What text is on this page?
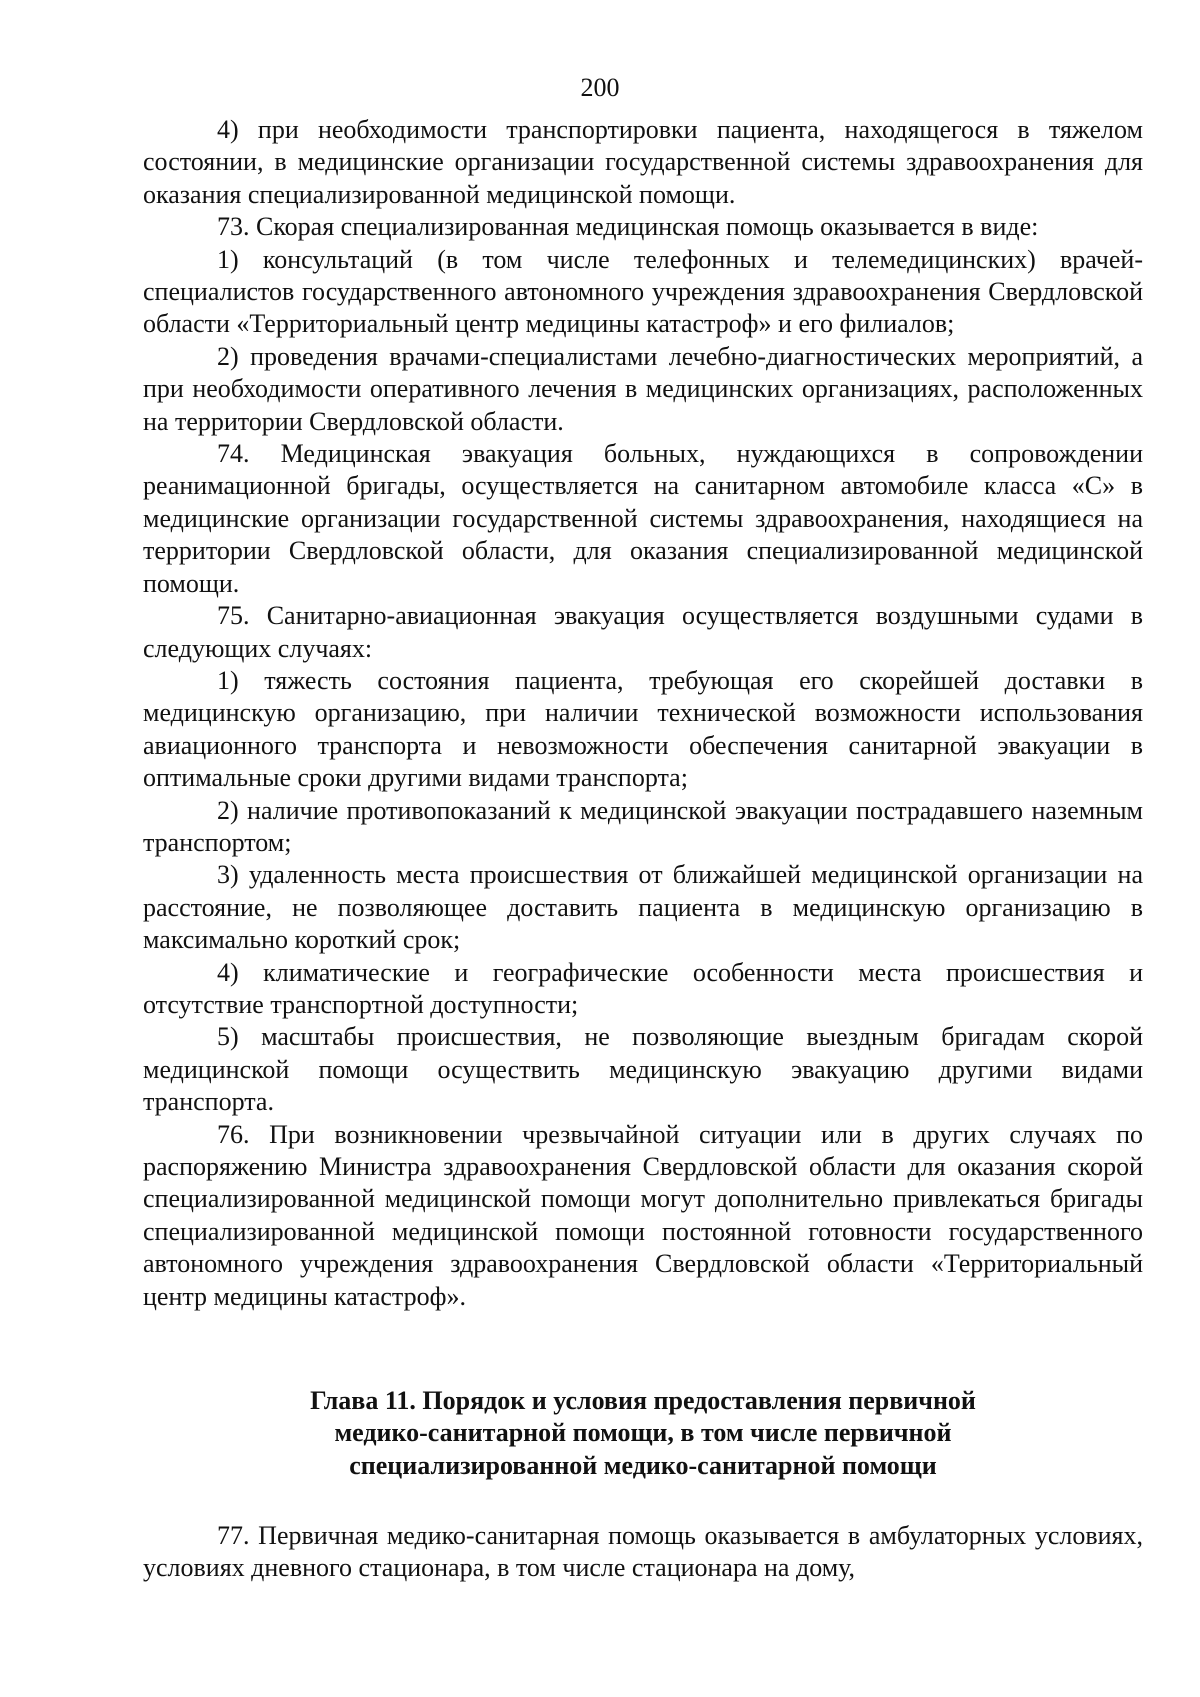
200

4) при необходимости транспортировки пациента, находящегося в тяжелом состоянии, в медицинские организации государственной системы здравоохранения для оказания специализированной медицинской помощи.

73. Скорая специализированная медицинская помощь оказывается в виде:

1) консультаций (в том числе телефонных и телемедицинских) врачей-специалистов государственного автономного учреждения здравоохранения Свердловской области «Территориальный центр медицины катастроф» и его филиалов;

2) проведения врачами-специалистами лечебно-диагностических мероприятий, а при необходимости оперативного лечения в медицинских организациях, расположенных на территории Свердловской области.

74. Медицинская эвакуация больных, нуждающихся в сопровождении реанимационной бригады, осуществляется на санитарном автомобиле класса «С» в медицинские организации государственной системы здравоохранения, находящиеся на территории Свердловской области, для оказания специализированной медицинской помощи.

75. Санитарно-авиационная эвакуация осуществляется воздушными судами в следующих случаях:

1) тяжесть состояния пациента, требующая его скорейшей доставки в медицинскую организацию, при наличии технической возможности использования авиационного транспорта и невозможности обеспечения санитарной эвакуации в оптимальные сроки другими видами транспорта;

2) наличие противопоказаний к медицинской эвакуации пострадавшего наземным транспортом;

3) удаленность места происшествия от ближайшей медицинской организации на расстояние, не позволяющее доставить пациента в медицинскую организацию в максимально короткий срок;

4) климатические и географические особенности места происшествия и отсутствие транспортной доступности;

5) масштабы происшествия, не позволяющие выездным бригадам скорой медицинской помощи осуществить медицинскую эвакуацию другими видами транспорта.

76. При возникновении чрезвычайной ситуации или в других случаях по распоряжению Министра здравоохранения Свердловской области для оказания скорой специализированной медицинской помощи могут дополнительно привлекаться бригады специализированной медицинской помощи постоянной готовности государственного автономного учреждения здравоохранения Свердловской области «Территориальный центр медицины катастроф».

Глава 11. Порядок и условия предоставления первичной
медико-санитарной помощи, в том числе первичной
специализированной медико-санитарной помощи

77. Первичная медико-санитарная помощь оказывается в амбулаторных условиях, условиях дневного стационара, в том числе стационара на дому,
